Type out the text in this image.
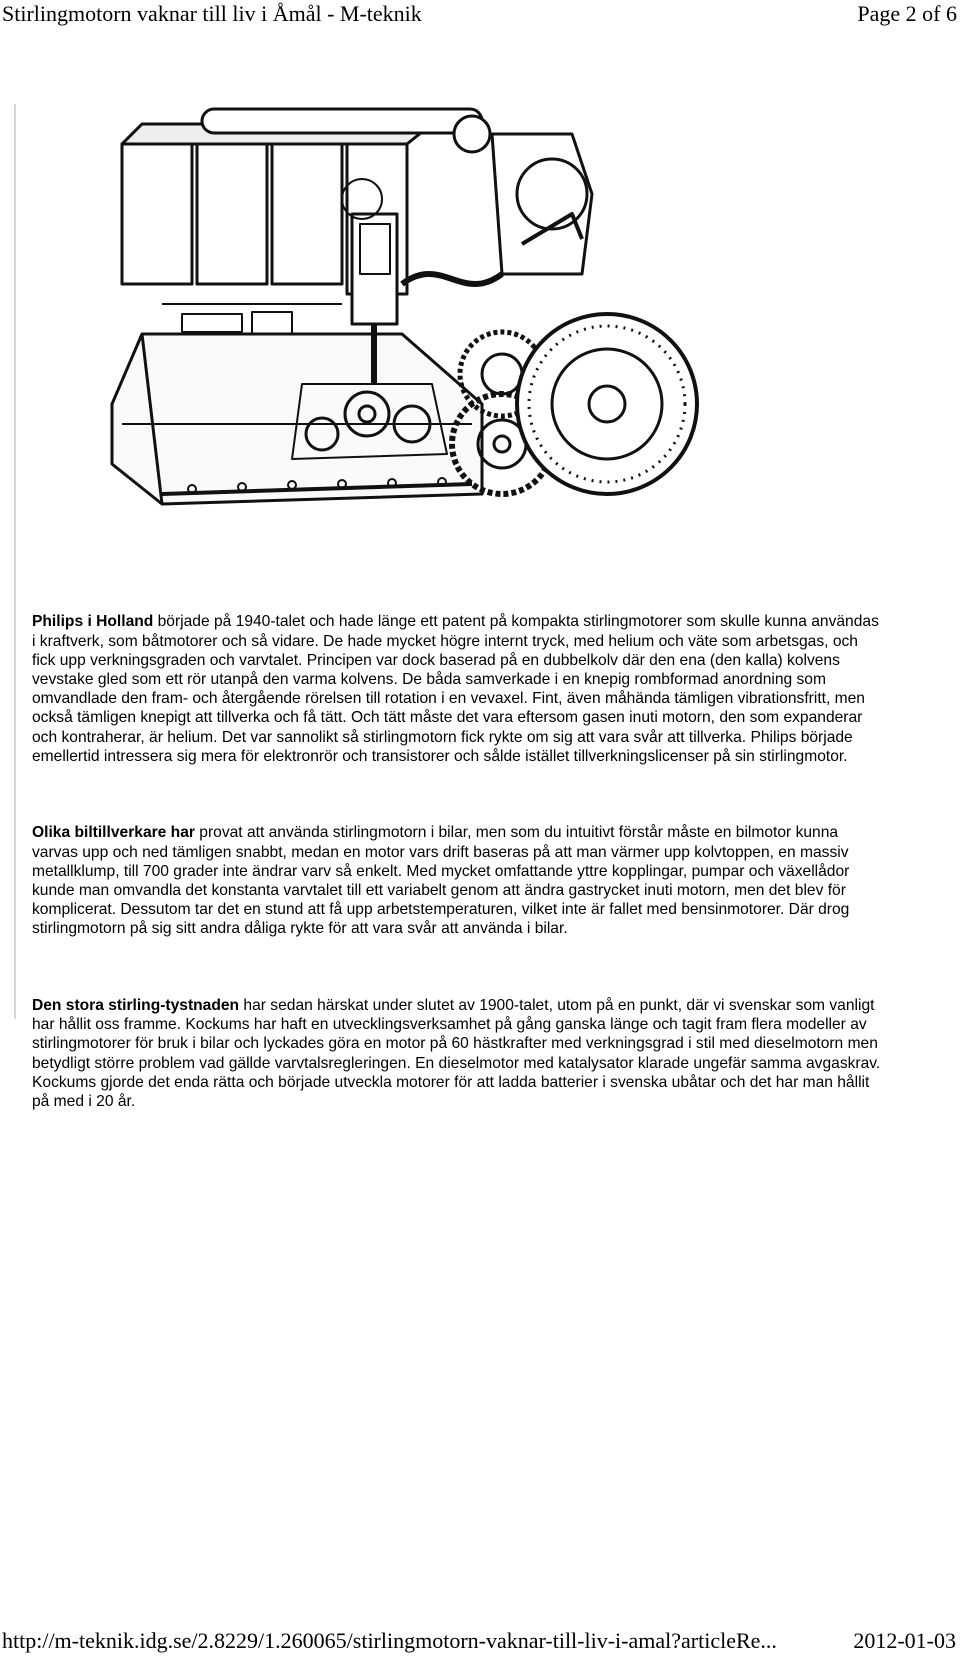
Stirlingmotorn vaknar till liv i Åmål - M-teknik	Page 2 of 6

Philips i Holland började på 1940-talet och hade länge ett patent på kompakta stirlingmotorer som skulle kunna användas
i kraftverk, som båtmotorer och så vidare. De hade mycket högre internt tryck, med helium och väte som arbetsgas, och
fick upp verkningsgraden och varvtalet. Principen var dock baserad på en dubbelkolv där den ena (den kalla) kolvens
vevstake gled som ett rör utanpå den varma kolvens. De båda samverkade i en knepig rombformad anordning som
omvandlade den fram- och återgående rörelsen till rotation i en vevaxel. Fint, även måhända tämligen vibrationsfritt, men
också tämligen knepigt att tillverka och få tätt. Och tätt måste det vara eftersom gasen inuti motorn, den som expanderar
och kontraherar, är helium. Det var sannolikt så stirlingmotorn fick rykte om sig att vara svår att tillverka. Philips började
emellertid intressera sig mera för elektronrör och transistorer och sålde istället tillverkningslicenser på sin stirlingmotor.

Olika biltillverkare har provat att använda stirlingmotorn i bilar, men som du intuitivt förstår måste en bilmotor kunna
varvas upp och ned tämligen snabbt, medan en motor vars drift baseras på att man värmer upp kolvtoppen, en massiv
metallklump, till 700 grader inte ändrar varv så enkelt. Med mycket omfattande yttre kopplingar, pumpar och växellådor
kunde man omvandla det konstanta varvtalet till ett variabelt genom att ändra gastrycket inuti motorn, men det blev för
komplicerat. Dessutom tar det en stund att få upp arbetstemperaturen, vilket inte är fallet med bensinmotorer. Där drog
stirlingmotorn på sig sitt andra dåliga rykte för att vara svår att använda i bilar.

Den stora stirling-tystnaden har sedan härskat under slutet av 1900-talet, utom på en punkt, där vi svenskar som vanligt
har hållit oss framme. Kockums har haft en utvecklingsverksamhet på gång ganska länge och tagit fram flera modeller av
stirlingmotorer för bruk i bilar och lyckades göra en motor på 60 hästkrafter med verkningsgrad i stil med dieselmotorn men
betydligt större problem vad gällde varvtalsregleringen. En dieselmotor med katalysator klarade ungefär samma avgaskrav.
Kockums gjorde det enda rätta och började utveckla motorer för att ladda batterier i svenska ubåtar och det har man hållit
på med i 20 år.

http://m-teknik.idg.se/2.8229/1.260065/stirlingmotorn-vaknar-till-liv-i-amal?articleRe...	2012-01-03
